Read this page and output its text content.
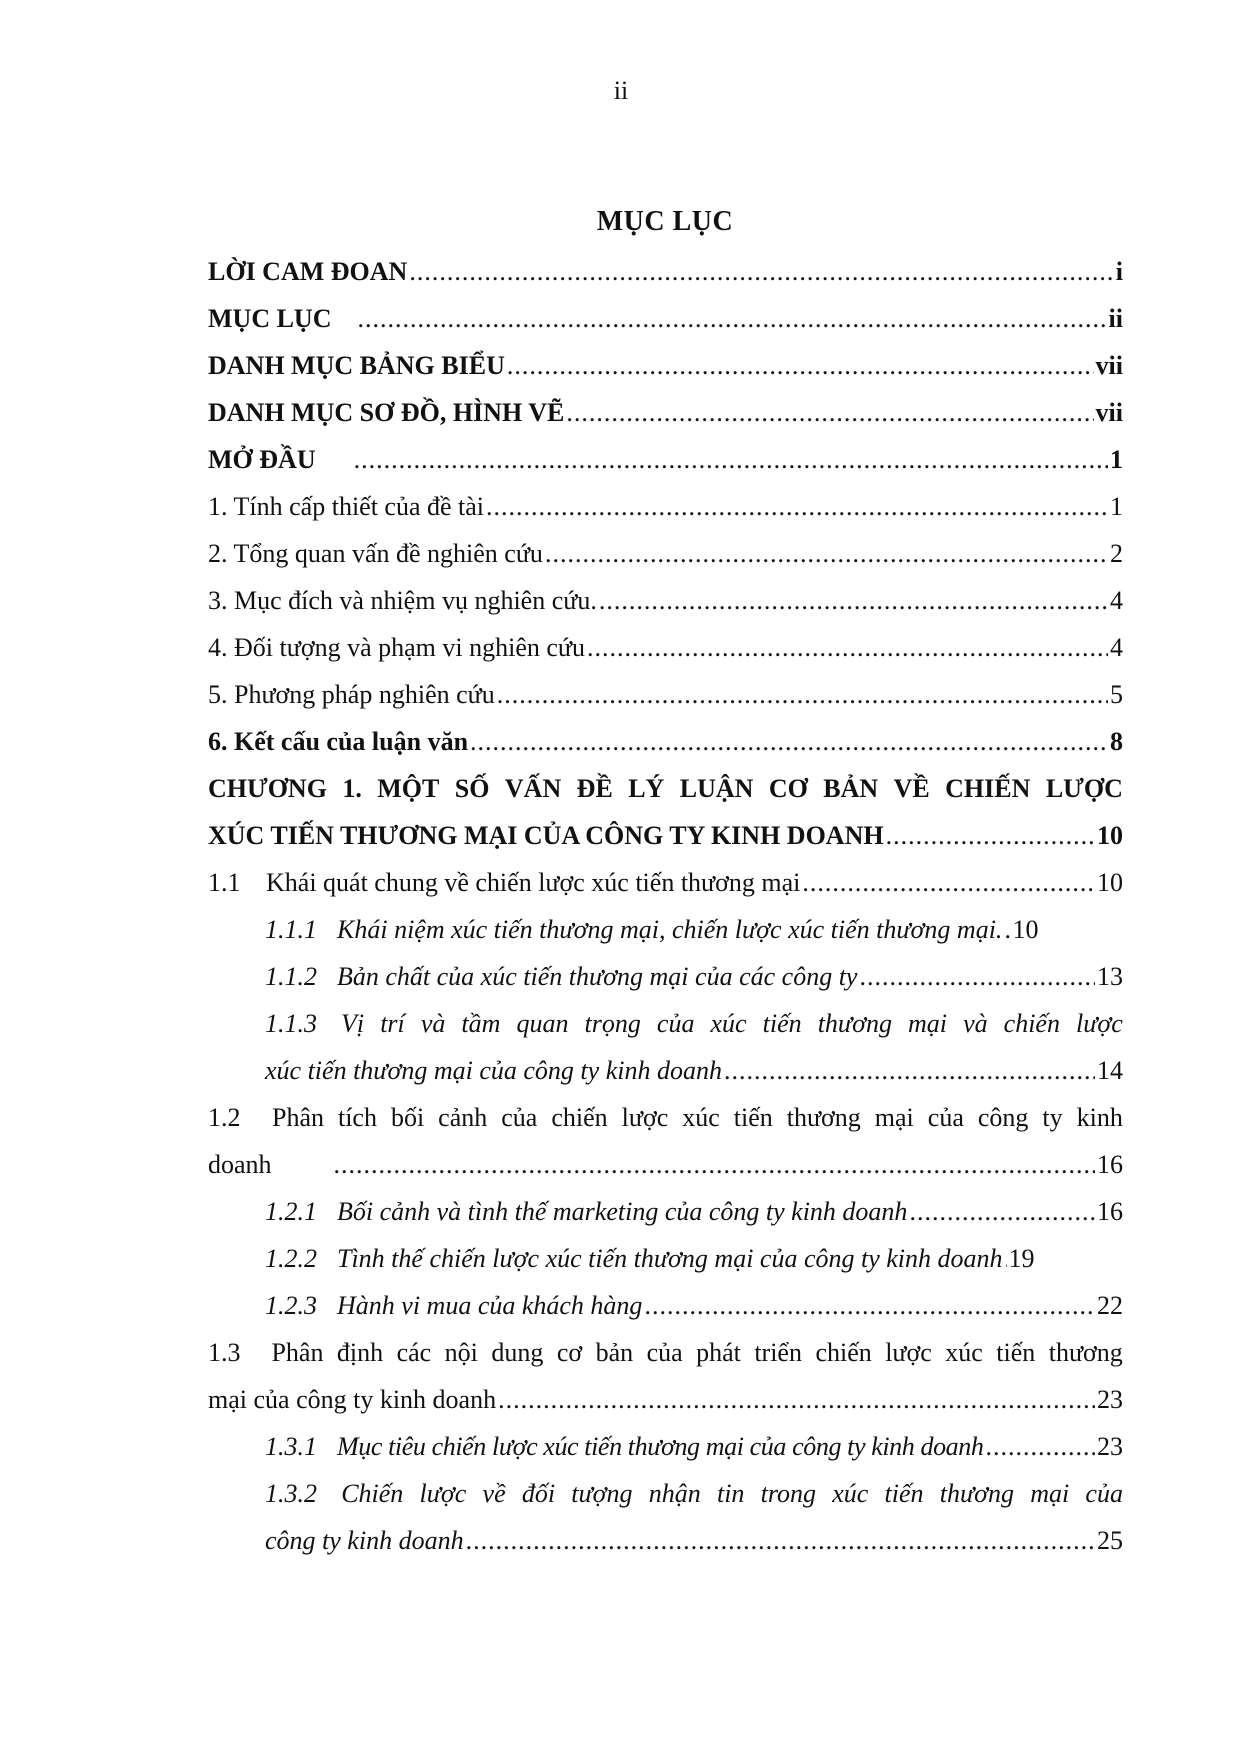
ii
MỤC LỤC
LỜI CAM ĐOAN .....	i
MỤC LỤC .....	ii
DANH MỤC BẢNG BIỂU .....	vii
DANH MỤC SƠ ĐỒ, HÌNH VẼ .....	vii
MỞ ĐẦU .....	1
1. Tính cấp thiết của đề tài .....	1
2. Tổng quan vấn đề nghiên cứu .....	2
3. Mục đích và nhiệm vụ nghiên cứu. .....	4
4. Đối tượng và phạm vi nghiên cứu .....	4
5. Phương pháp nghiên cứu .....	5
6. Kết cấu của luận văn .....	8
CHƯƠNG 1. MỘT SỐ VẤN ĐỀ LÝ LUẬN CƠ BẢN VỀ CHIẾN LƯỢC
XÚC TIẾN THƯƠNG MẠI CỦA CÔNG TY KINH DOANH .....	10
1.1 Khái quát chung về chiến lược xúc tiến thương mại .....	10
1.1.1 Khái niệm xúc tiến thương mại, chiến lược xúc tiến thương mại. ..... 10
1.1.2 Bản chất của xúc tiến thương mại của các công ty .....	13
1.1.3 Vị trí và tầm quan trọng của xúc tiến thương mại và chiến lược
xúc tiến thương mại của công ty kinh doanh .....	14
1.2	Phân tích bối cảnh của chiến lược xúc tiến thương mại của công ty kinh
doanh .....	16
1.2.1 Bối cảnh và tình thế marketing của công ty kinh doanh .....	16
1.2.2 Tình thế chiến lược xúc tiến thương mại của công ty kinh doanh ..... 19
1.2.3 Hành vi mua của khách hàng .....	22
1.3	Phân định các nội dung cơ bản của phát triển chiến lược xúc tiến thương
mại của công ty kinh doanh .....	23
1.3.1 Mục tiêu chiến lược xúc tiến thương mại của công ty kinh doanh .....	23
1.3.2 Chiến lược về đối tượng nhận tin trong xúc tiến thương mại của
công ty kinh doanh .....	25
